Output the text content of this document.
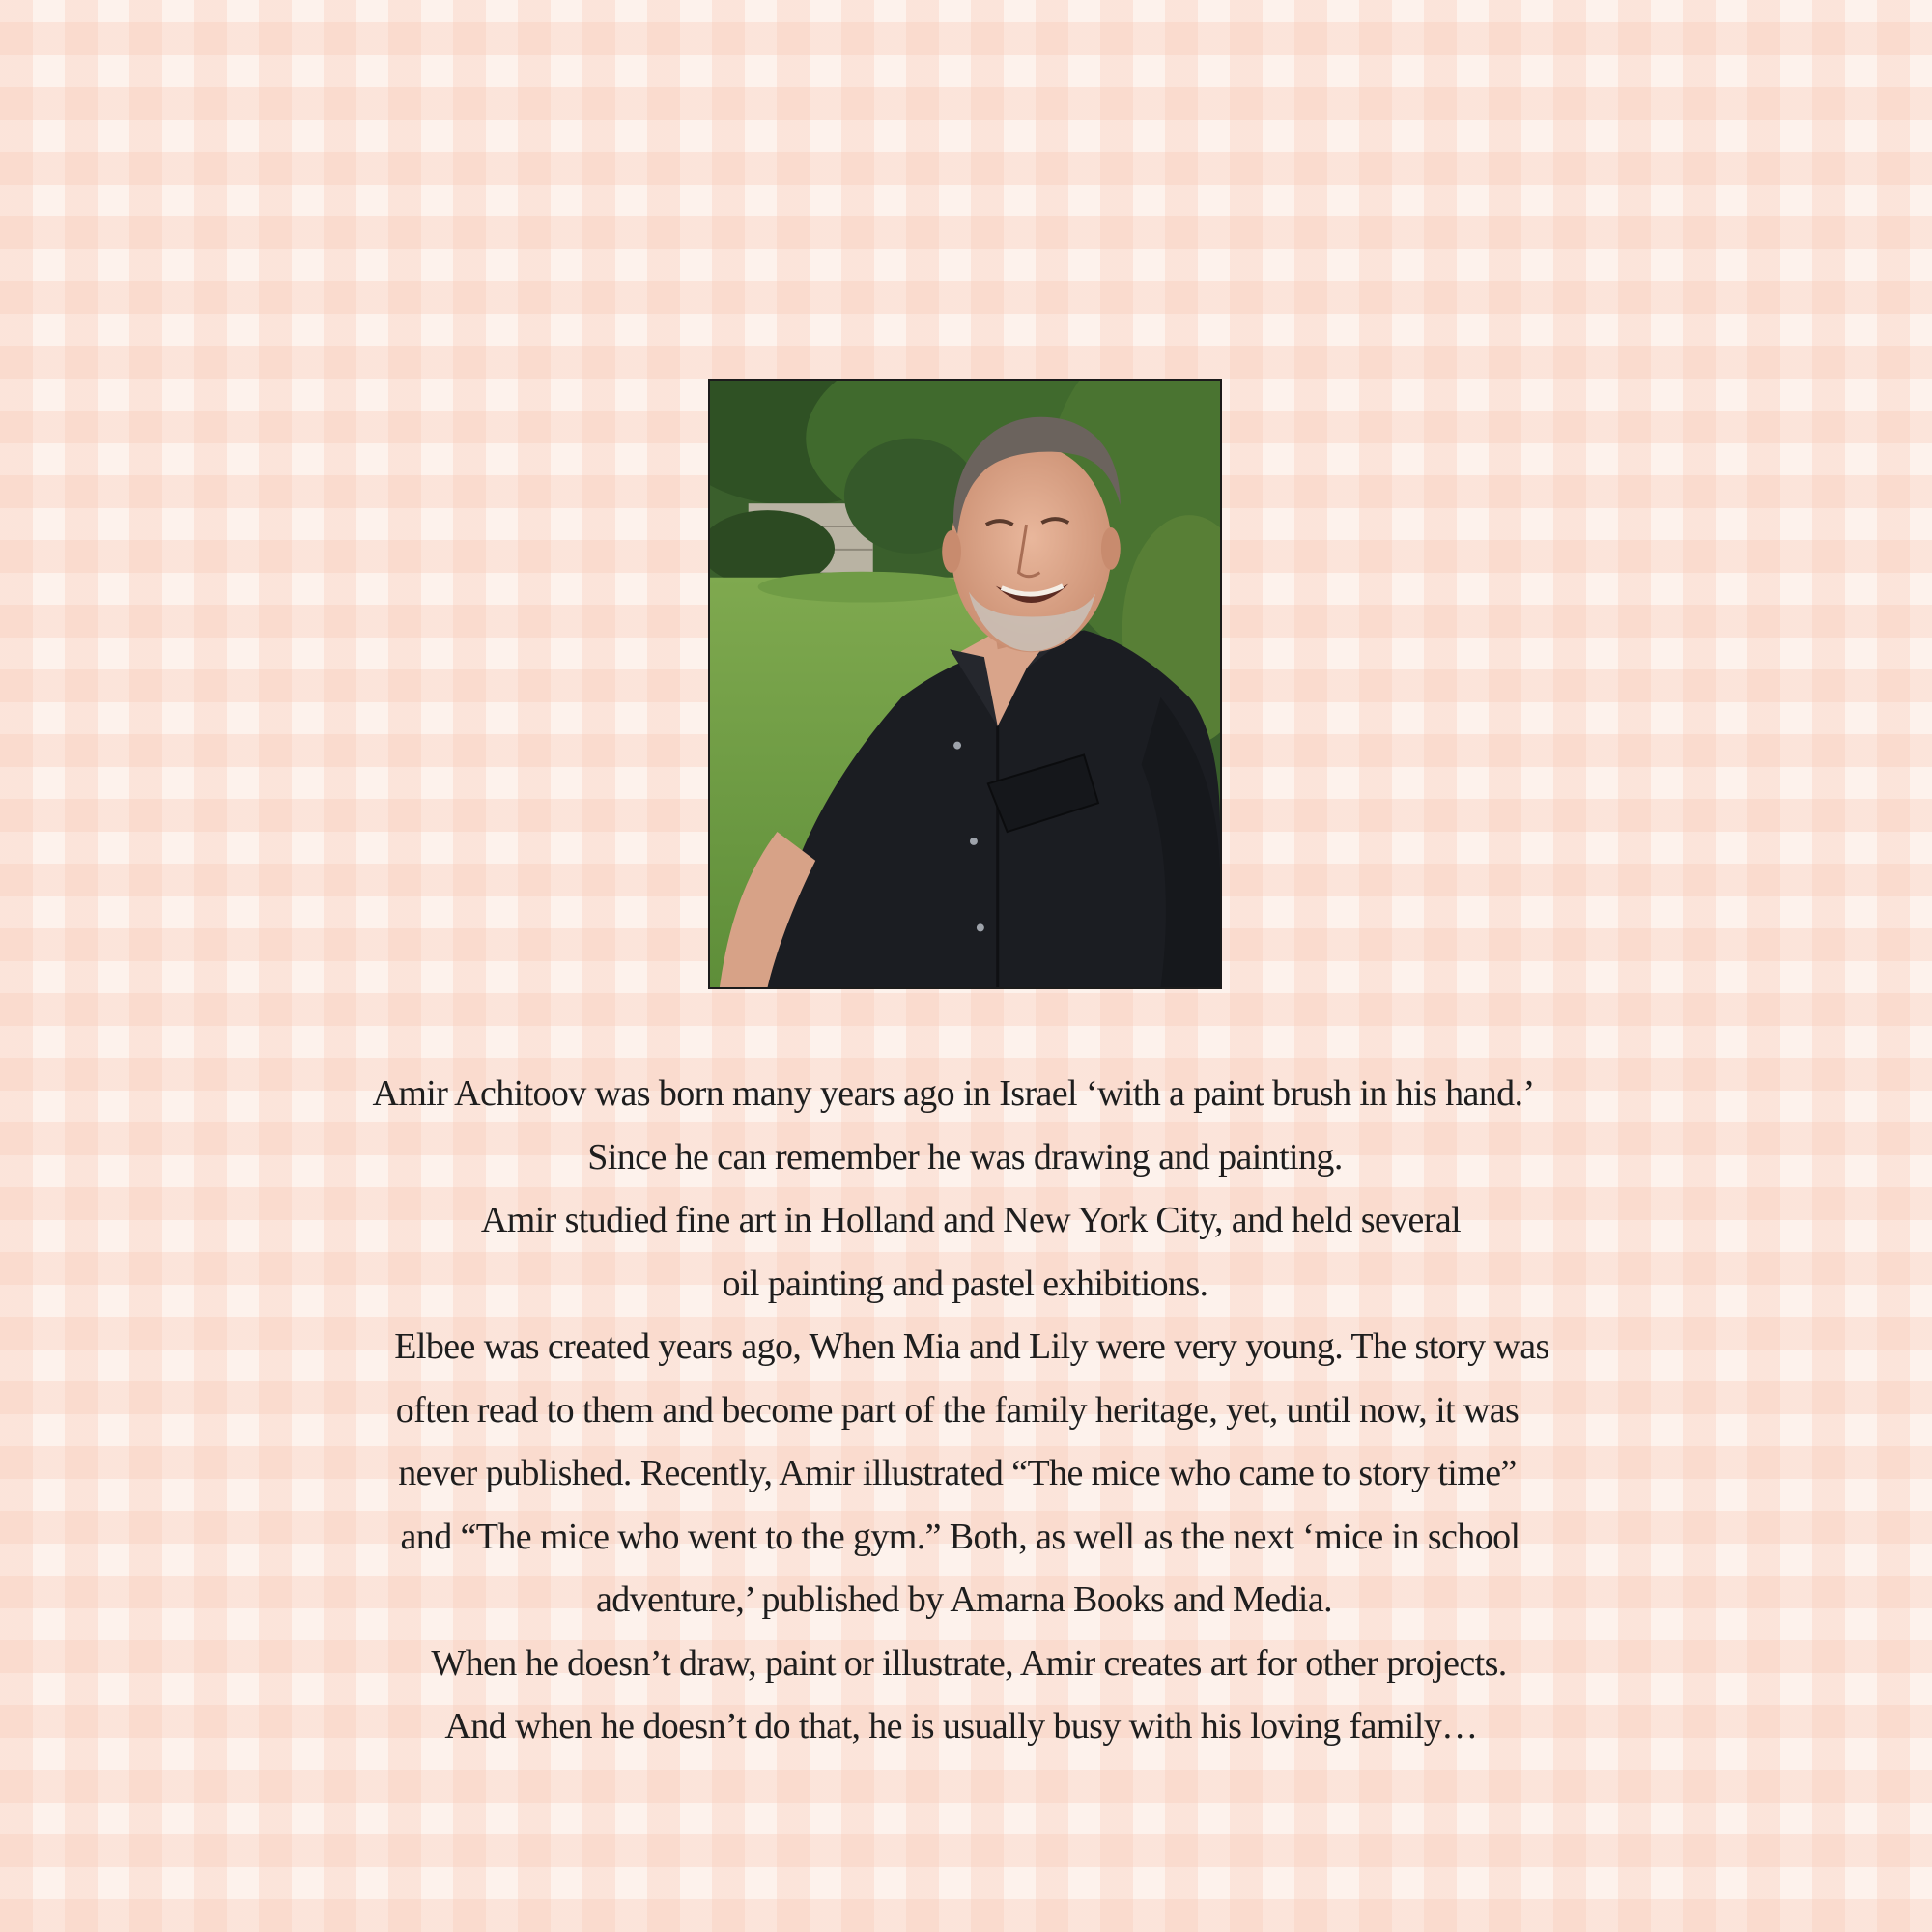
Amir Achitoov was born many years ago in Israel ‘with a paint brush in his hand.’
Since he can remember he was drawing and painting.
Amir studied fine art in Holland and New York City, and held several
oil painting and pastel exhibitions.
Elbee was created years ago, When Mia and Lily were very young. The story was
often read to them and become part of the family heritage, yet, until now, it was
never published. Recently, Amir illustrated “The mice who came to story time”
and “The mice who went to the gym.” Both, as well as the next ‘mice in school
adventure,’ published by Amarna Books and Media.
When he doesn’t draw, paint or illustrate, Amir creates art for other projects.
And when he doesn’t do that, he is usually busy with his loving family…
